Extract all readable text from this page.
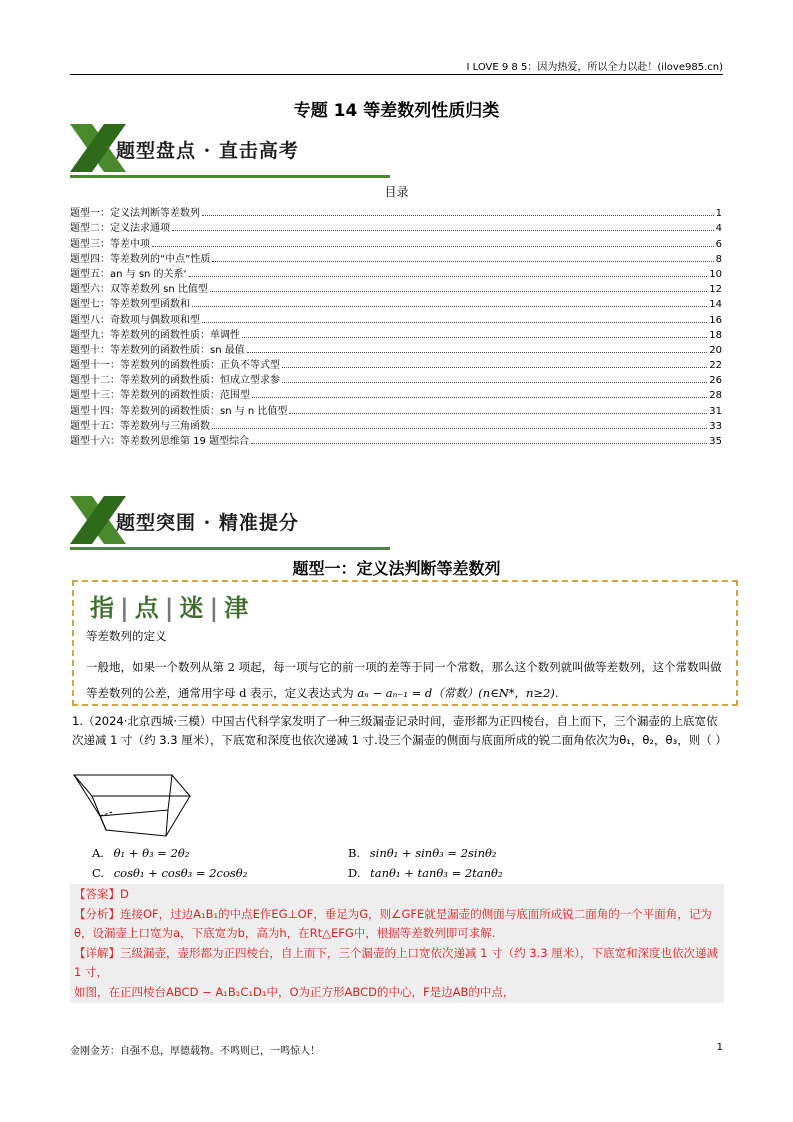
I LOVE 9 8 5：因为热爱，所以全力以赴！(ilove985.cn)
专题 14 等差数列性质归类
题型盘点 · 直击高考
目录
题型一：定义法判断等差数列	1
题型二：定义法求通项	4
题型三：等差中项	6
题型四：等差数列的“中点”性质	8
题型五：an 与 sn 的关系‘	10
题型六：双等差数列 sn 比值型	12
题型七：等差数列型函数和	14
题型八：奇数项与偶数项和型	16
题型九：等差数列的函数性质：单调性	18
题型十：等差数列的函数性质：sn 最值	20
题型十一：等差数列的函数性质：正负不等式型	22
题型十二：等差数列的函数性质：恒成立型求参	26
题型十三：等差数列的函数性质：范围型	28
题型十四：等差数列的函数性质：sn 与 n 比值型	31
题型十五：等差数列与三角函数	33
题型十六：等差数列思维第 19 题型综合	35
题型突围 · 精准提分
题型一：定义法判断等差数列
指 | 点 | 迷 | 津
等差数列的定义
一般地，如果一个数列从第 2 项起，每一项与它的前一项的差等于同一个常数，那么这个数列就叫做等差数列，这个常数叫做等差数列的公差，通常用字母 d 表示，定义表达式为 aₙ − aₙ₋₁ = d（常数）(n∈N*，n≥2).
1.（2024·北京西城·三模）中国古代科学家发明了一种三级漏壶记录时间，壶形都为正四棱台，自上而下，三个漏壶的上底宽依次递减 1 寸（约 3.3 厘米），下底宽和深度也依次递减 1 寸.设三个漏壶的侧面与底面所成的锐二面角依次为θ₁，θ₂，θ₃，则（ ）
A. θ₁ + θ₃ = 2θ₂	B. sinθ₁ + sinθ₃ = 2sinθ₂
C. cosθ₁ + cosθ₃ = 2cosθ₂	D. tanθ₁ + tanθ₃ = 2tanθ₂
【答案】D
【分析】连接OF，过边A₁B₁的中点E作EG⊥OF，垂足为G，则∠GFE就是漏壶的侧面与底面所成锐二面角的一个平面角，记为θ，设漏壶上口宽为a，下底宽为b，高为h，在Rt△EFG中，根据等差数列即可求解.
【详解】三级漏壶，壶形都为正四棱台，自上而下，三个漏壶的上口宽依次递减 1 寸（约 3.3 厘米），下底宽和深度也依次递减 1 寸，
如图，在正四棱台ABCD − A₁B₁C₁D₁中，O为正方形ABCD的中心，F是边AB的中点，
金刚金芳：自强不息，厚德载物。不鸣则已，一鸣惊人！	1
